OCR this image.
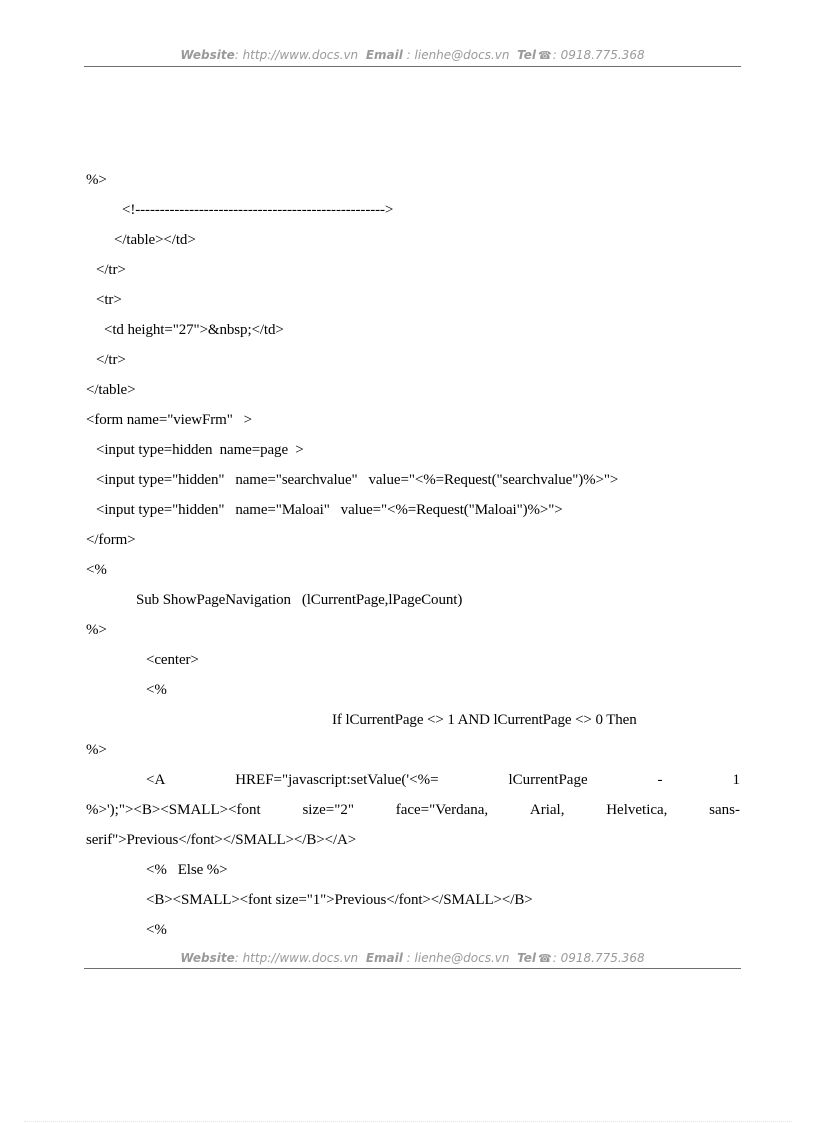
Website: http://www.docs.vn Email : lienhe@docs.vn Tel ☎: 0918.775.368
%>
<!--------------------------------------------------->
</table></td>
</tr>
<tr>
<td height="27">&nbsp;</td>
</tr>
</table>
<form name="viewFrm"   >
<input type=hidden  name=page  >
<input type="hidden"   name="searchvalue"   value="<%=Request("searchvalue")%>">
<input type="hidden"   name="Maloai"   value="<%=Request("Maloai")%>">
</form>
<%
Sub ShowPageNavigation   (lCurrentPage,lPageCount)
%>
<center>
<%
If lCurrentPage <> 1 AND lCurrentPage <> 0 Then
%>
<A	HREF="javascript:setValue('<%=	lCurrentPage	-	1
%>');"><B><SMALL><font	size="2"	face="Verdana,	Arial,	Helvetica,	sans-
serif">Previous</font></SMALL></B></A>
<%   Else %>
<B><SMALL><font size="1">Previous</font></SMALL></B>
<%
Website: http://www.docs.vn Email : lienhe@docs.vn Tel ☎: 0918.775.368
